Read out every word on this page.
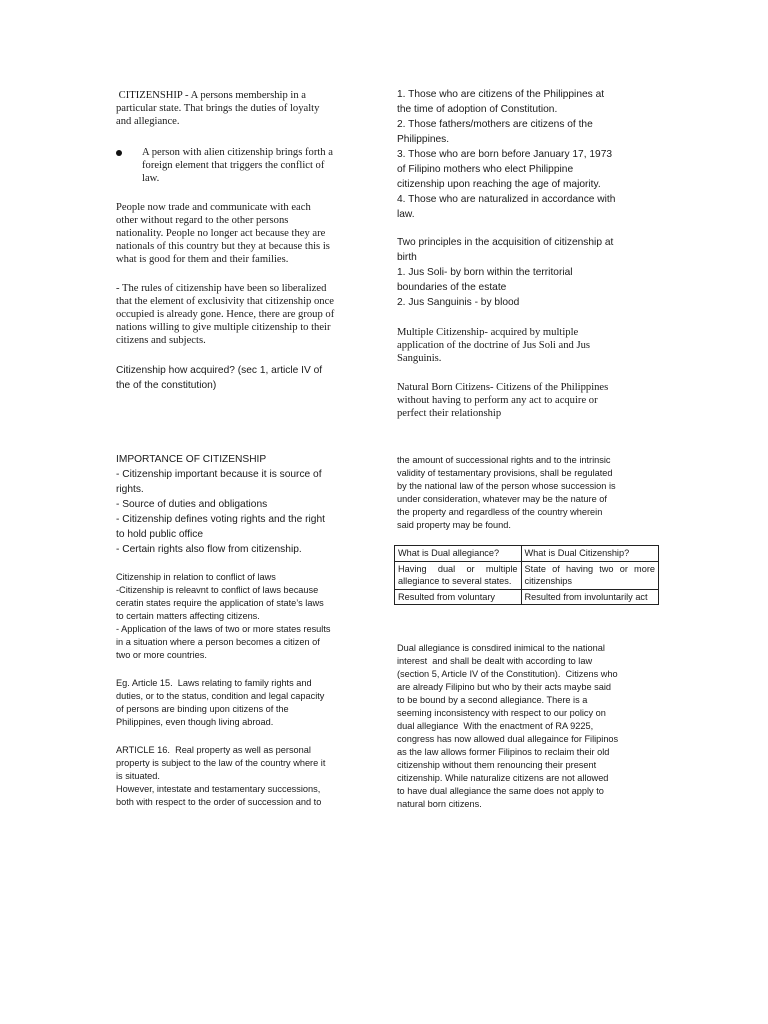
CITIZENSHIP - A persons membership in a
particular state. That brings the duties of loyalty
and allegiance.
A person with alien citizenship brings forth a
foreign element that triggers the conflict of
law.
People now trade and communicate with each
other without regard to the other persons
nationality. People no longer act because they are
nationals of this country but they at because this is
what is good for them and their families.
- The rules of citizenship have been so liberalized
that the element of exclusivity that citizenship once
occupied is already gone. Hence, there are group of
nations willing to give multiple citizenship to their
citizens and subjects.
Citizenship how acquired? (sec 1, article IV of
the of the constitution)
IMPORTANCE OF CITIZENSHIP
- Citizenship important because it is source of
rights.
- Source of duties and obligations
- Citizenship defines voting rights and the right
to hold public office
- Certain rights also flow from citizenship.
Citizenship in relation to conflict of laws
-Citizenship is releavnt to conflict of laws because
ceratin states require the application of state’s laws
to certain matters affecting citizens.
- Application of the laws of two or more states results
in a situation where a person becomes a citizen of
two or more countries.
Eg. Article 15.  Laws relating to family rights and
duties, or to the status, condition and legal capacity
of persons are binding upon citizens of the
Philippines, even though living abroad.
ARTICLE 16.  Real property as well as personal
property is subject to the law of the country where it
is situated.
However, intestate and testamentary successions,
both with respect to the order of succession and to
1. Those who are citizens of the Philippines at
the time of adoption of Constitution.
2. Those fathers/mothers are citizens of the
Philippines.
3. Those who are born before January 17, 1973
of Filipino mothers who elect Philippine
citizenship upon reaching the age of majority.
4. Those who are naturalized in accordance with
law.
Two principles in the acquisition of citizenship at
birth
1. Jus Soli- by born within the territorial
boundaries of the estate
2. Jus Sanguinis - by blood
Multiple Citizenship- acquired by multiple
application of the doctrine of Jus Soli and Jus
Sanguinis.
Natural Born Citizens- Citizens of the Philippines
without having to perform any act to acquire or
perfect their relationship
the amount of successional rights and to the intrinsic
validity of testamentary provisions, shall be regulated
by the national law of the person whose succession is
under consideration, whatever may be the nature of
the property and regardless of the country wherein
said property may be found.
What is Dual allegiance?	What is Dual Citizenship?
Having dual or multiple allegiance to several states.	State of having two or more citizenships
Resulted from voluntary	Resulted from involuntarily act
Dual allegiance is consdired inimical to the national
interest  and shall be dealt with according to law
(section 5, Article IV of the Constitution).  Citizens who
are already Filipino but who by their acts maybe said
to be bound by a second allegiance. There is a
seeming inconsistency with respect to our policy on
dual allegiance  With the enactment of RA 9225,
congress has now allowed dual allegaince for Filipinos
as the law allows former Filipinos to reclaim their old
citizenship without them renouncing their present
citizenship. While naturalize citizens are not allowed
to have dual allegiance the same does not apply to
natural born citizens.
